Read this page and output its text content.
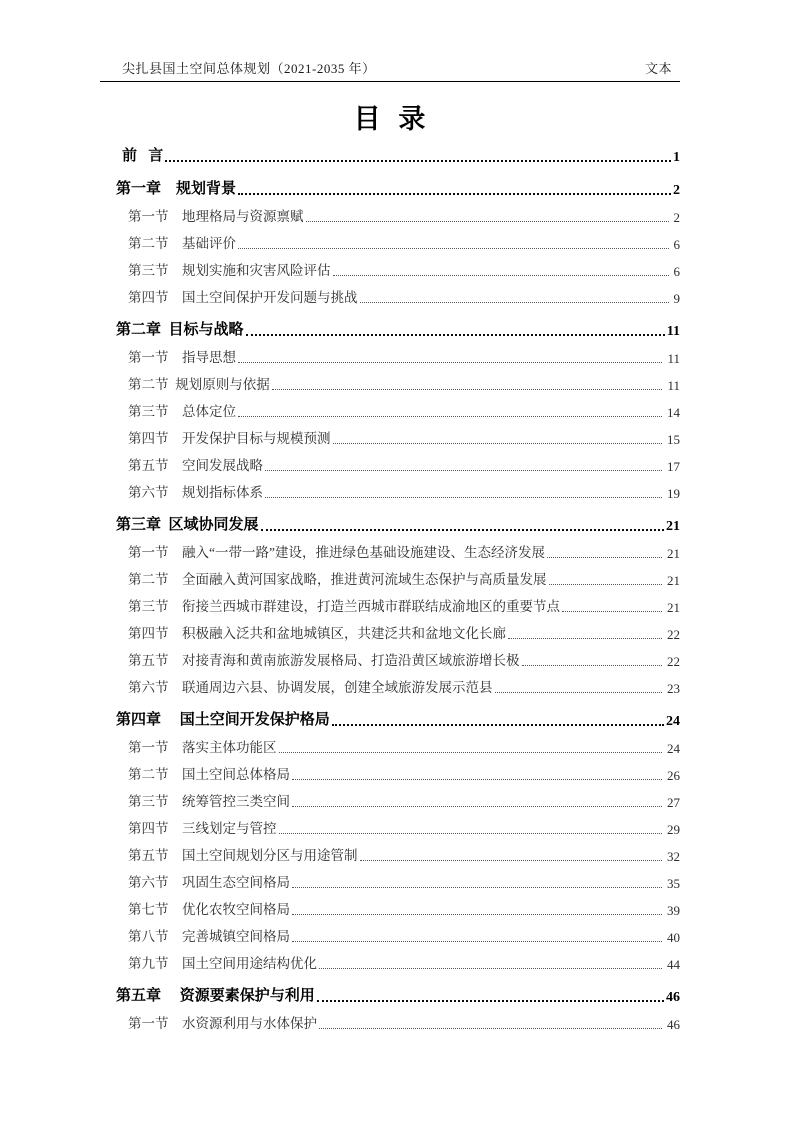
尖扎县国土空间总体规划（2021-2035 年）	文本
目 录
前   言	1
第一章    规划背景	2
第一节    地理格局与资源禀赋	2
第二节    基础评价	6
第三节    规划实施和灾害风险评估	6
第四节    国土空间保护开发问题与挑战	9
第二章  目标与战略	11
第一节    指导思想	11
第二节  规划原则与依据	11
第三节    总体定位	14
第四节    开发保护目标与规模预测	15
第五节    空间发展战略	17
第六节    规划指标体系	19
第三章  区域协同发展	21
第一节    融入“一带一路”建设，推进绿色基础设施建设、生态经济发展	21
第二节    全面融入黄河国家战略，推进黄河流域生态保护与高质量发展	21
第三节    衔接兰西城市群建设，打造兰西城市群联结成渝地区的重要节点	21
第四节    积极融入泛共和盆地城镇区，共建泛共和盆地文化长廊	22
第五节    对接青海和黄南旅游发展格局、打造沿黄区域旅游增长极	22
第六节    联通周边六县、协调发展，创建全域旅游发展示范县	23
第四章     国土空间开发保护格局	24
第一节    落实主体功能区	24
第二节    国土空间总体格局	26
第三节    统筹管控三类空间	27
第四节    三线划定与管控	29
第五节    国土空间规划分区与用途管制	32
第六节    巩固生态空间格局	35
第七节    优化农牧空间格局	39
第八节    完善城镇空间格局	40
第九节    国土空间用途结构优化	44
第五章     资源要素保护与利用	46
第一节    水资源利用与水体保护	46
